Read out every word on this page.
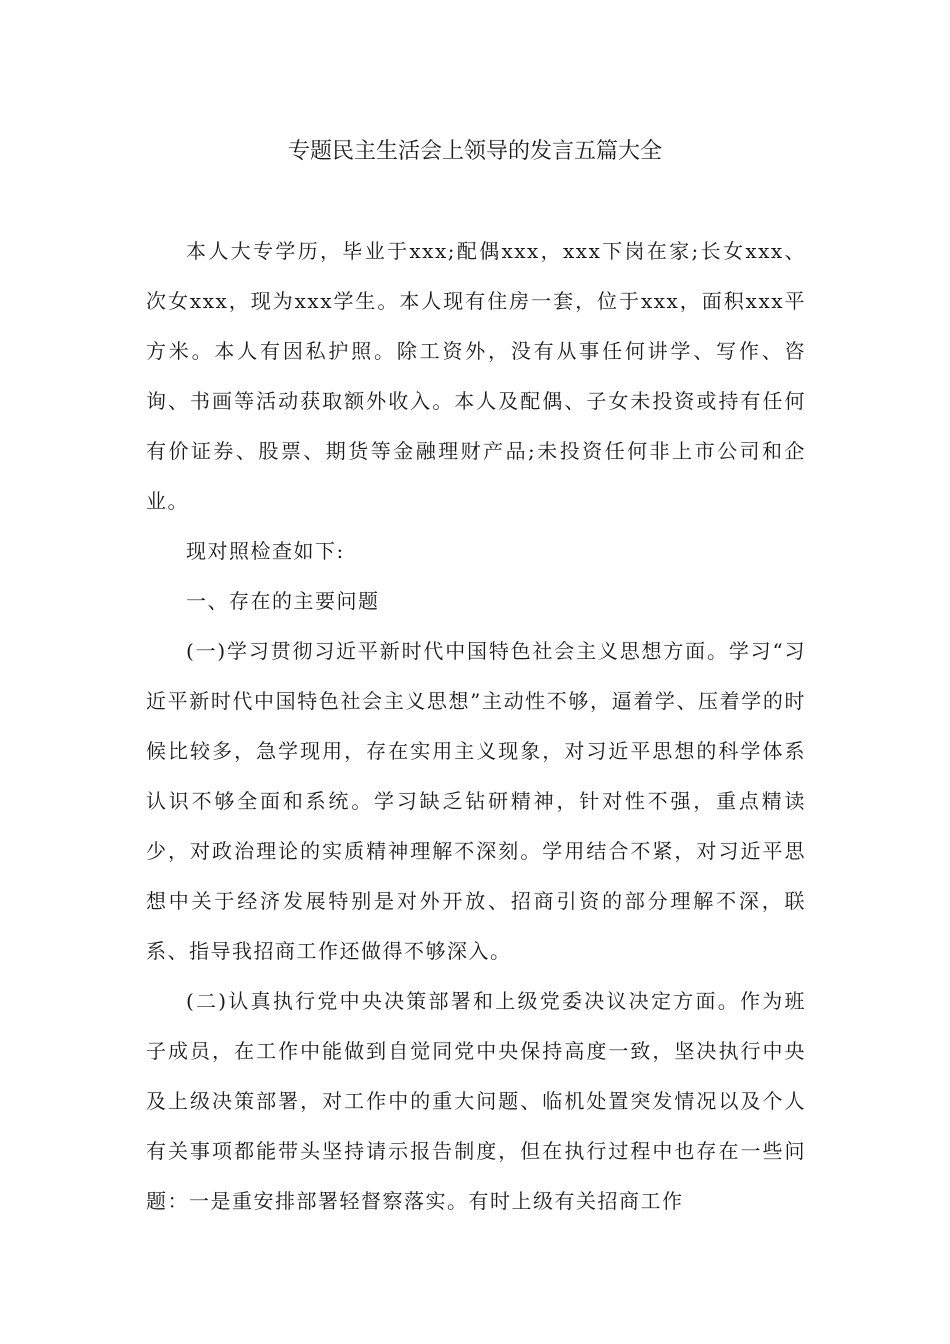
专题民主生活会上领导的发言五篇大全

本人大专学历，毕业于xxx;配偶xxx，xxx下岗在家;长女xxx、次女xxx，现为xxx学生。本人现有住房一套，位于xxx，面积xxx平方米。本人有因私护照。除工资外，没有从事任何讲学、写作、咨询、书画等活动获取额外收入。本人及配偶、子女未投资或持有任何有价证券、股票、期货等金融理财产品;未投资任何非上市公司和企业。

现对照检查如下:

一、存在的主要问题

(一)学习贯彻习近平新时代中国特色社会主义思想方面。学习“习近平新时代中国特色社会主义思想”主动性不够，逼着学、压着学的时候比较多，急学现用，存在实用主义现象，对习近平思想的科学体系认识不够全面和系统。学习缺乏钻研精神，针对性不强，重点精读少，对政治理论的实质精神理解不深刻。学用结合不紧，对习近平思想中关于经济发展特别是对外开放、招商引资的部分理解不深，联系、指导我招商工作还做得不够深入。

(二)认真执行党中央决策部署和上级党委决议决定方面。作为班子成员，在工作中能做到自觉同党中央保持高度一致，坚决执行中央及上级决策部署，对工作中的重大问题、临机处置突发情况以及个人有关事项都能带头坚持请示报告制度，但在执行过程中也存在一些问题：一是重安排部署轻督察落实。有时上级有关招商工作
